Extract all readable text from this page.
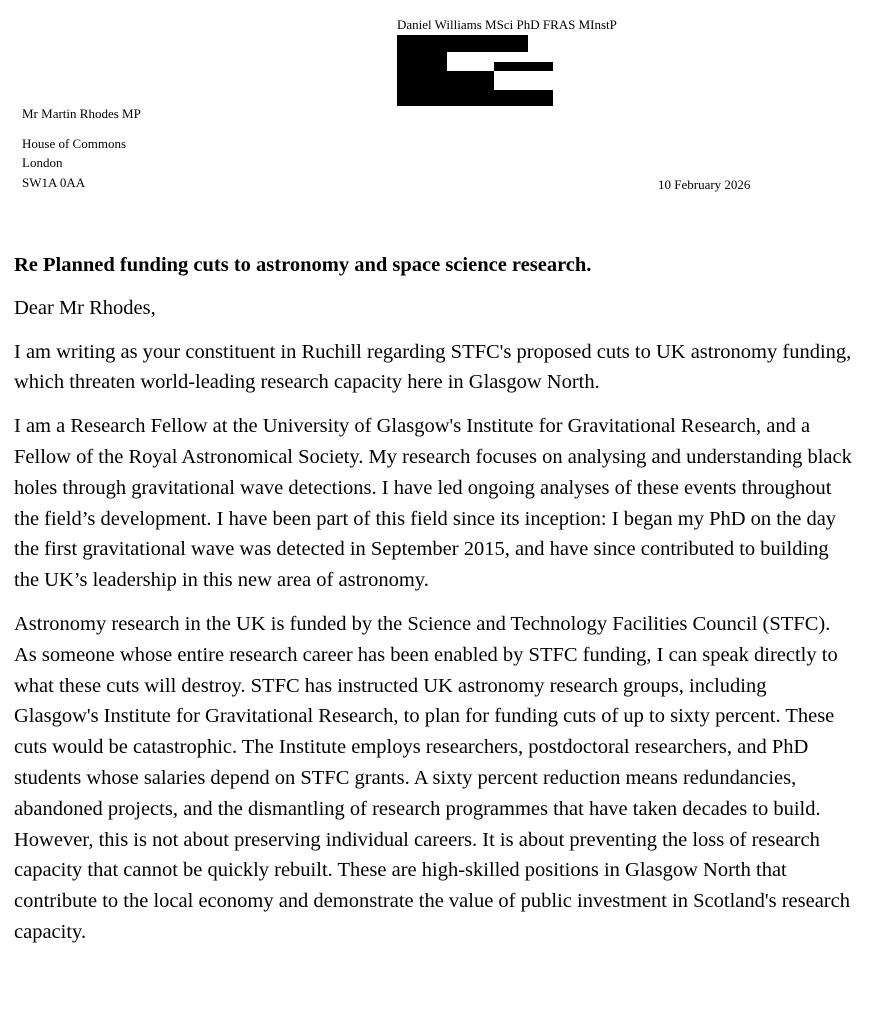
Daniel Williams MSci PhD FRAS MInstP
Mr Martin Rhodes MP
House of Commons
London
SW1A 0AA	10 February 2026
Re Planned funding cuts to astronomy and space science research.
Dear Mr Rhodes,
I am writing as your constituent in Ruchill regarding STFC's proposed cuts to UK astronomy funding, which threaten world-leading research capacity here in Glasgow North.
I am a Research Fellow at the University of Glasgow's Institute for Gravitational Research, and a Fellow of the Royal Astronomical Society. My research focuses on analysing and understanding black holes through gravitational wave detections. I have led ongoing analyses of these events throughout the field’s development. I have been part of this field since its inception: I began my PhD on the day the first gravitational wave was detected in September 2015, and have since contributed to building the UK’s leadership in this new area of astronomy.
Astronomy research in the UK is funded by the Science and Technology Facilities Council (STFC). As someone whose entire research career has been enabled by STFC funding, I can speak directly to what these cuts will destroy. STFC has instructed UK astronomy research groups, including Glasgow's Institute for Gravitational Research, to plan for funding cuts of up to sixty percent. These cuts would be catastrophic. The Institute employs researchers, postdoctoral researchers, and PhD students whose salaries depend on STFC grants. A sixty percent reduction means redundancies, abandoned projects, and the dismantling of research programmes that have taken decades to build. However, this is not about preserving individual careers. It is about preventing the loss of research capacity that cannot be quickly rebuilt. These are high-skilled positions in Glasgow North that contribute to the local economy and demonstrate the value of public investment in Scotland's research capacity.
